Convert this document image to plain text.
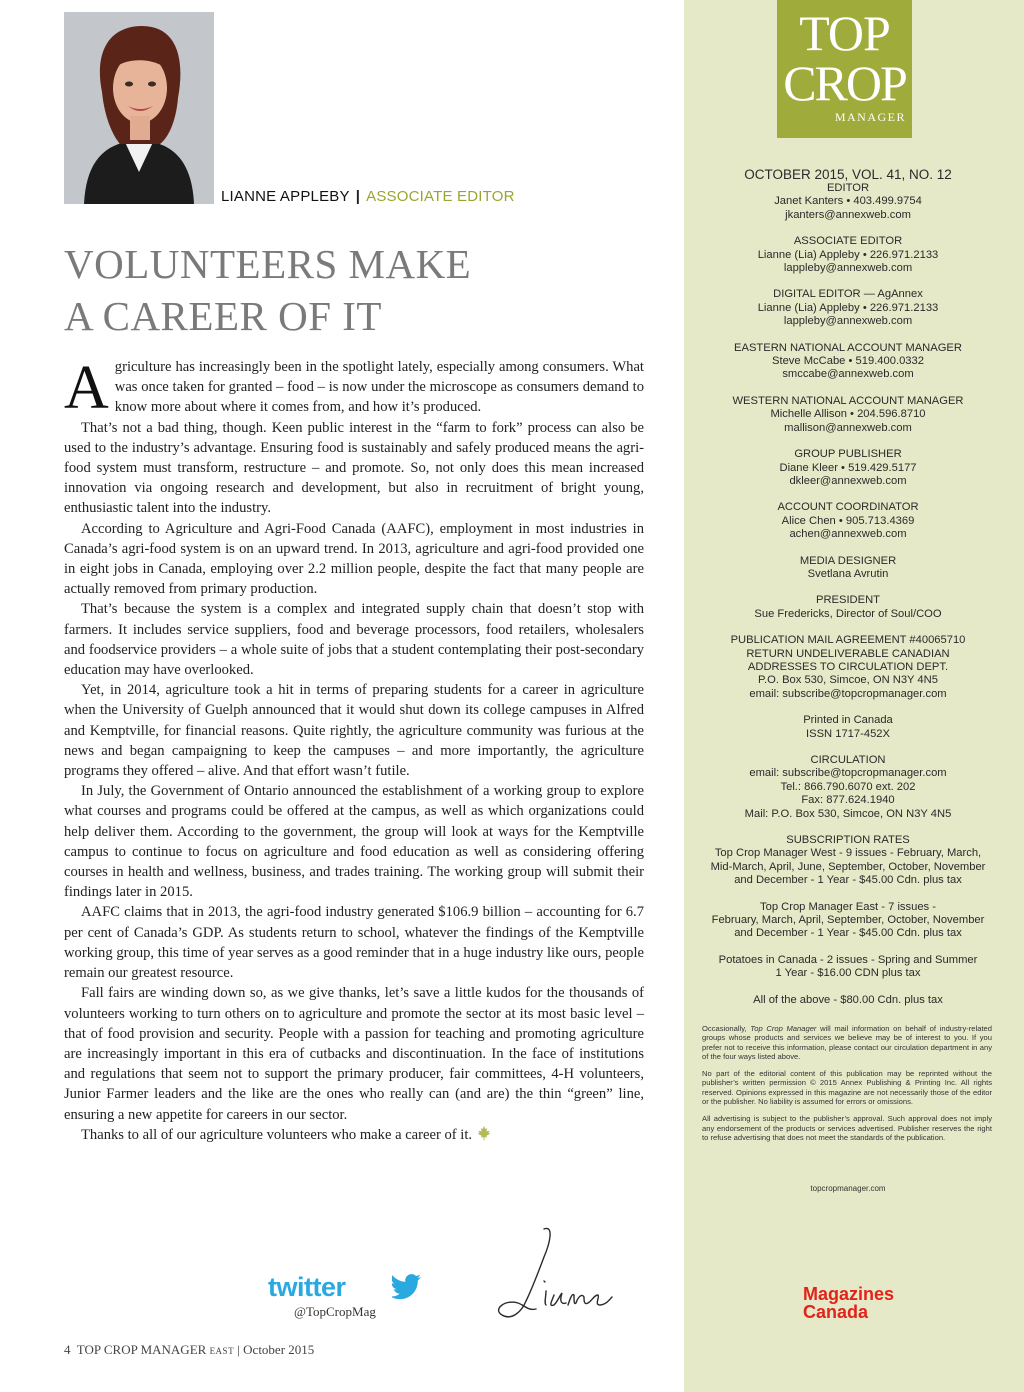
LIANNE APPLEBY | ASSOCIATE EDITOR
VOLUNTEERS MAKE
A CAREER OF IT

Agriculture has increasingly been in the spotlight lately, especially among consumers. What was once taken for granted – food – is now under the microscope as consumers demand to know more about where it comes from, and how it’s produced.

That’s not a bad thing, though. Keen public interest in the “farm to fork” process can also be used to the industry’s advantage. Ensuring food is sustainably and safely produced means the agri-food system must transform, restructure – and promote. So, not only does this mean increased innovation via ongoing research and development, but also in recruitment of bright young, enthusiastic talent into the industry.

According to Agriculture and Agri-Food Canada (AAFC), employment in most industries in Canada’s agri-food system is on an upward trend. In 2013, agriculture and agri-food provided one in eight jobs in Canada, employing over 2.2 million people, despite the fact that many people are actually removed from primary production.

That’s because the system is a complex and integrated supply chain that doesn’t stop with farmers. It includes service suppliers, food and beverage processors, food retailers, wholesalers and foodservice providers – a whole suite of jobs that a student contemplating their post-secondary education may have overlooked.

Yet, in 2014, agriculture took a hit in terms of preparing students for a career in agriculture when the University of Guelph announced that it would shut down its college campuses in Alfred and Kemptville, for financial reasons. Quite rightly, the agriculture community was furious at the news and began campaigning to keep the campuses – and more importantly, the agriculture programs they offered – alive. And that effort wasn’t futile.

In July, the Government of Ontario announced the establishment of a working group to explore what courses and programs could be offered at the campus, as well as which organizations could help deliver them. According to the government, the group will look at ways for the Kemptville campus to continue to focus on agriculture and food education as well as considering offering courses in health and wellness, business, and trades training. The working group will submit their findings later in 2015.

AAFC claims that in 2013, the agri-food industry generated $106.9 billion – accounting for 6.7 per cent of Canada’s GDP. As students return to school, whatever the findings of the Kemptville working group, this time of year serves as a good reminder that in a huge industry like ours, people remain our greatest resource.

Fall fairs are winding down so, as we give thanks, let’s save a little kudos for the thousands of volunteers working to turn others on to agriculture and promote the sector at its most basic level – that of food provision and security. People with a passion for teaching and promoting agriculture are increasingly important in this era of cutbacks and discontinuation. In the face of institutions and regulations that seem not to support the primary producer, fair committees, 4-H volunteers, Junior Farmer leaders and the like are the ones who really can (and are) the thin “green” line, ensuring a new appetite for careers in our sector.

Thanks to all of our agriculture volunteers who make a career of it.

twitter
@TopCropMag
4 TOP CROP MANAGER EAST | October 2015
TOP
CROP
MANAGER
OCTOBER 2015, VOL. 41, NO. 12
EDITOR
Janet Kanters • 403.499.9754
jkanters@annexweb.com
ASSOCIATE EDITOR
Lianne (Lia) Appleby • 226.971.2133
lappleby@annexweb.com
DIGITAL EDITOR — AgAnnex
Lianne (Lia) Appleby • 226.971.2133
lappleby@annexweb.com
EASTERN NATIONAL ACCOUNT MANAGER
Steve McCabe • 519.400.0332
smccabe@annexweb.com
WESTERN NATIONAL ACCOUNT MANAGER
Michelle Allison • 204.596.8710
mallison@annexweb.com
GROUP PUBLISHER
Diane Kleer • 519.429.5177
dkleer@annexweb.com
ACCOUNT COORDINATOR
Alice Chen • 905.713.4369
achen@annexweb.com
MEDIA DESIGNER
Svetlana Avrutin
PRESIDENT
Sue Fredericks, Director of Soul/COO
PUBLICATION MAIL AGREEMENT #40065710
RETURN UNDELIVERABLE CANADIAN
ADDRESSES TO CIRCULATION DEPT.
P.O. Box 530, Simcoe, ON N3Y 4N5
email: subscribe@topcropmanager.com
Printed in Canada
ISSN 1717-452X
CIRCULATION
email: subscribe@topcropmanager.com
Tel.: 866.790.6070 ext. 202
Fax: 877.624.1940
Mail: P.O. Box 530, Simcoe, ON N3Y 4N5
SUBSCRIPTION RATES
Top Crop Manager West - 9 issues - February, March,
Mid-March, April, June, September, October, November
and December - 1 Year - $45.00 Cdn. plus tax
Top Crop Manager East - 7 issues -
February, March, April, September, October, November
and December - 1 Year - $45.00 Cdn. plus tax
Potatoes in Canada - 2 issues - Spring and Summer
1 Year - $16.00 CDN plus tax
All of the above - $80.00 Cdn. plus tax

Occasionally, Top Crop Manager will mail information on behalf of industry-related groups whose products and services we believe may be of interest to you. If you prefer not to receive this information, please contact our circulation department in any of the four ways listed above.

No part of the editorial content of this publication may be reprinted without the publisher’s written permission © 2015 Annex Publishing & Printing Inc. All rights reserved. Opinions expressed in this magazine are not necessarily those of the editor or the publisher. No liability is assumed for errors or omissions.

All advertising is subject to the publisher’s approval. Such approval does not imply any endorsement of the products or services advertised. Publisher reserves the right to refuse advertising that does not meet the standards of the publication.

topcropmanager.com
Magazines
Canada
